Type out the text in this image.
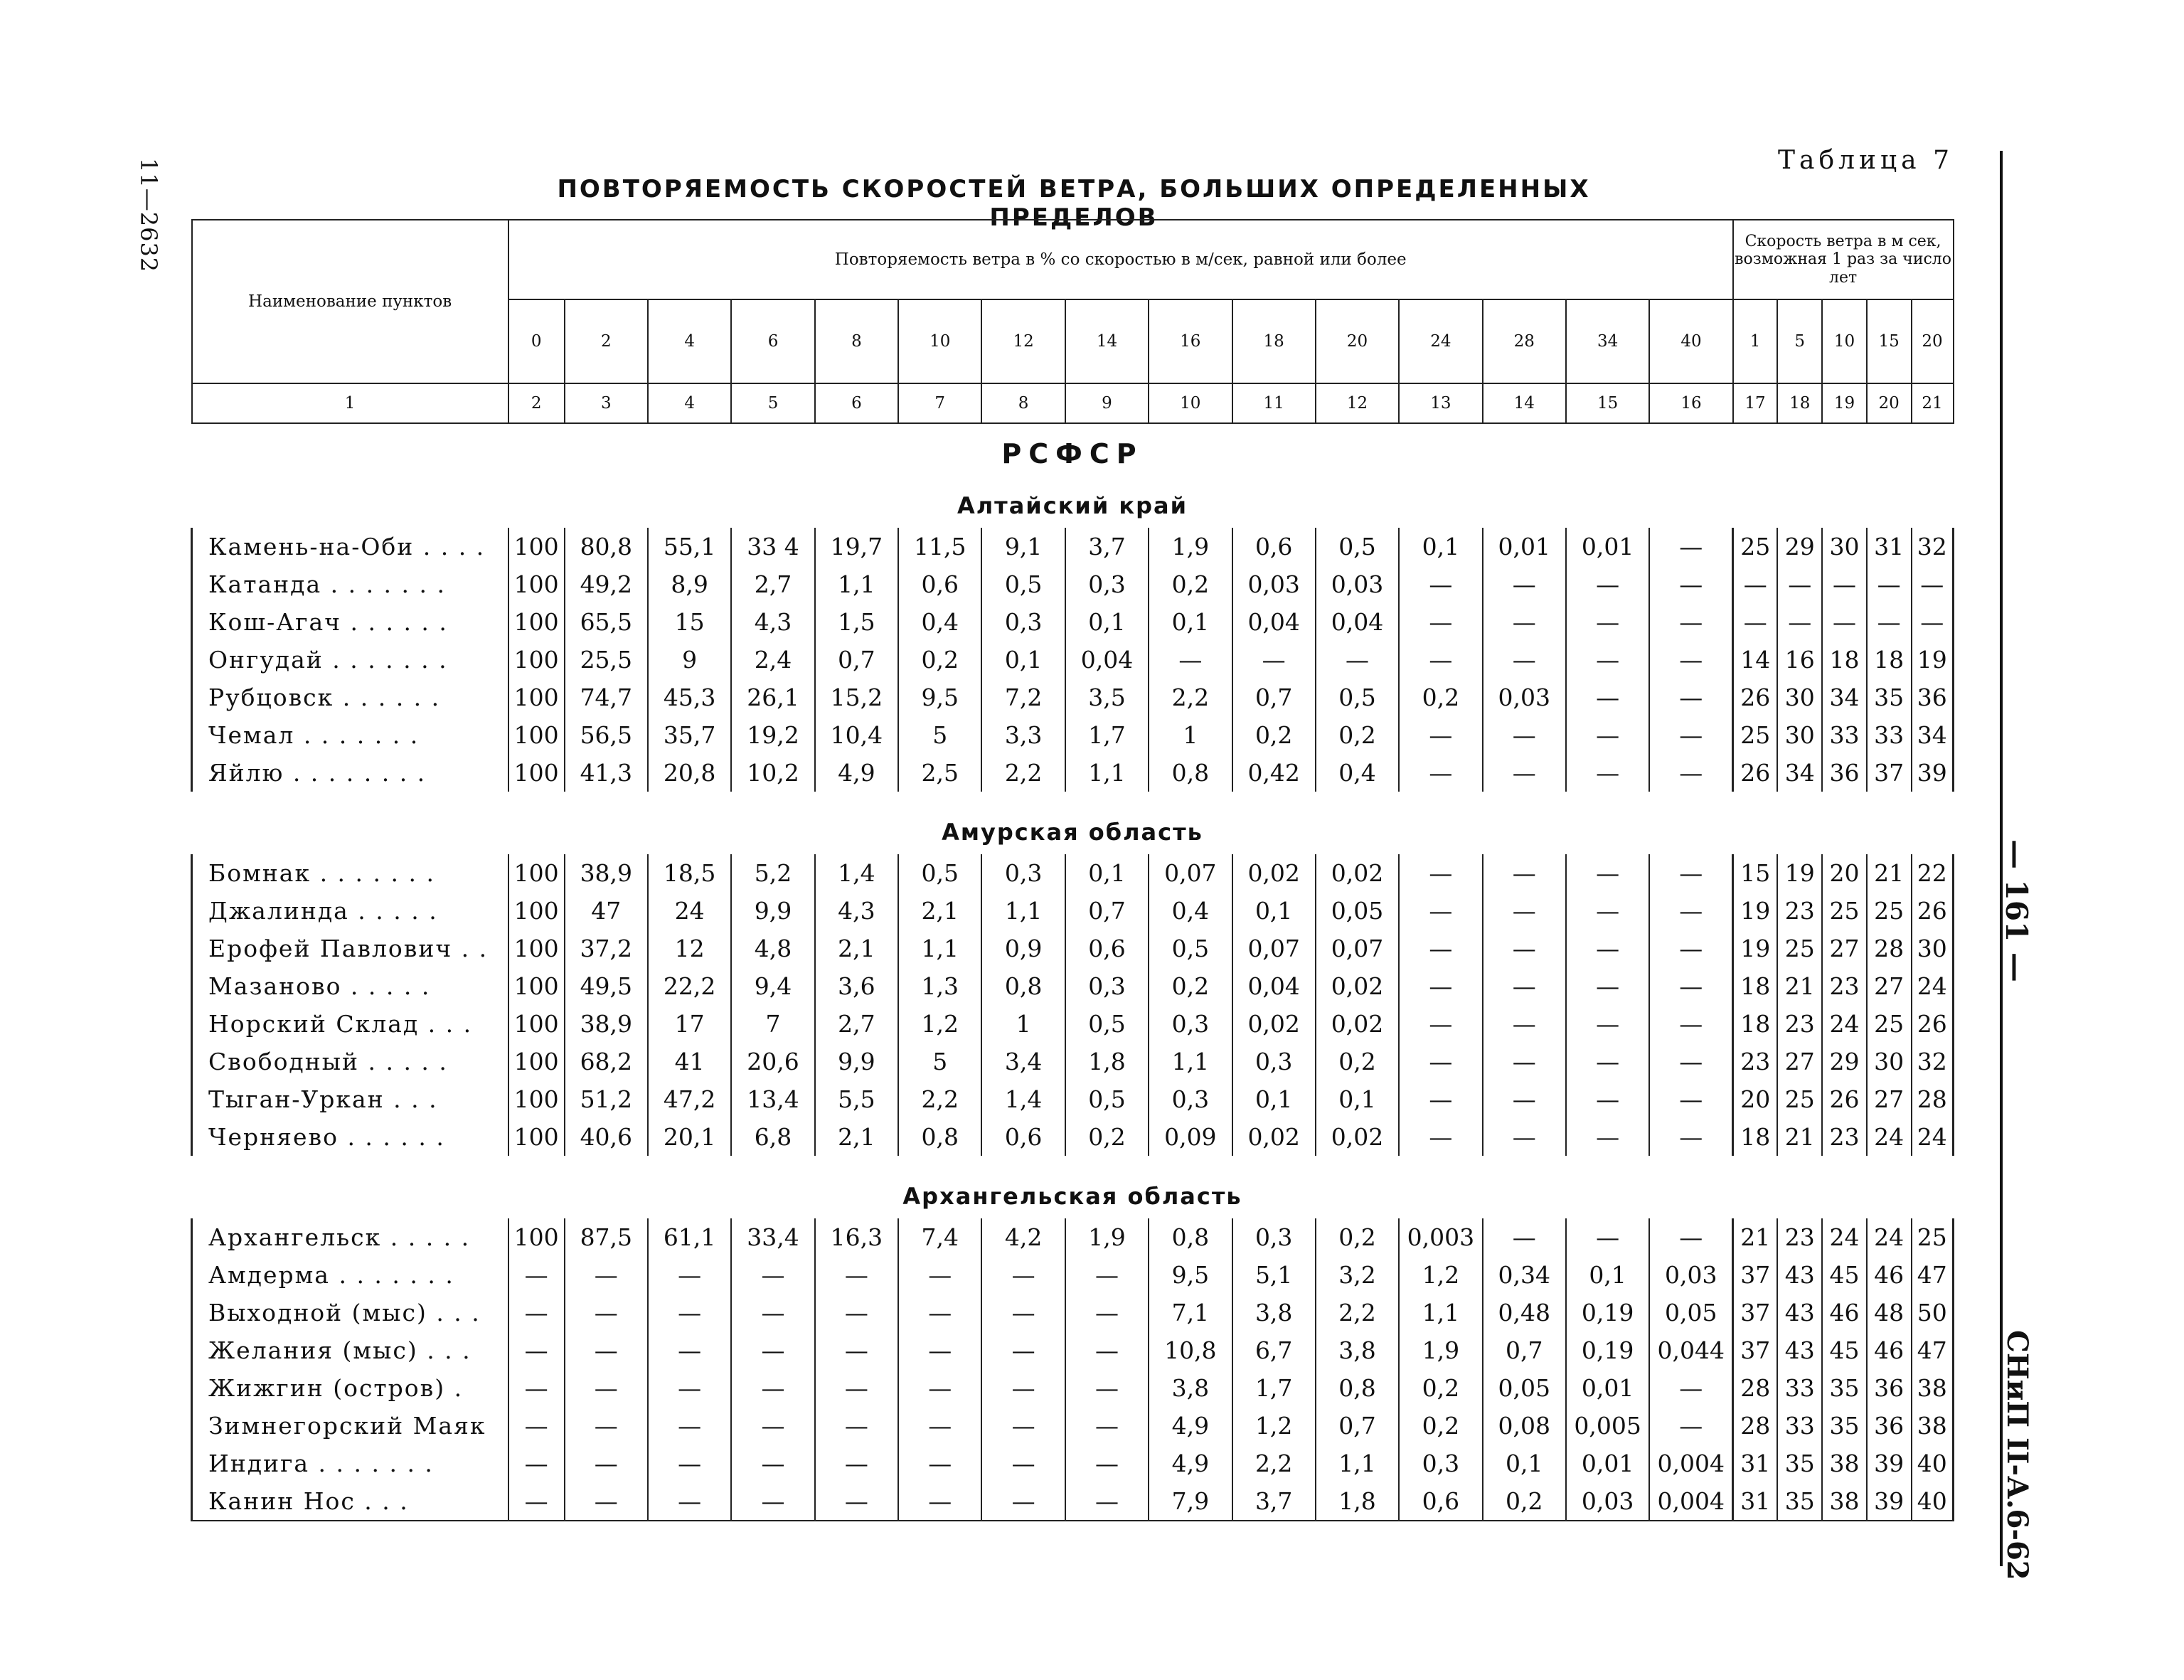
11—2632	Таблица 7
ПОВТОРЯЕМОСТЬ СКОРОСТЕЙ ВЕТРА, БОЛЬШИХ ОПРЕДЕЛЕННЫХ ПРЕДЕЛОВ
— 161 —
СНиП II-А.6-62
Наименование пунктов	Повторяемость ветра в % со скоростью в м/сек, равной или более															Скорость ветра в м сек, возможная 1 раз за число лет				
	0	2	4	6	8	10	12	14	16	18	20	24	28	34	40	1	5	10	15	20
1	2	3	4	5	6	7	8	9	10	11	12	13	14	15	16	17	18	19	20	21
РСФСР																				
Алтайский край																				
Камень-на-Оби . . . .	100	80,8	55,1	33 4	19,7	11,5	9,1	3,7	1,9	0,6	0,5	0,1	0,01	0,01	—	25	29	30	31	32
Катанда . . . . . . .	100	49,2	8,9	2,7	1,1	0,6	0,5	0,3	0,2	0,03	0,03	—	—	—	—	—	—	—	—	—
Кош-Агач . . . . . .	100	65,5	15	4,3	1,5	0,4	0,3	0,1	0,1	0,04	0,04	—	—	—	—	—	—	—	—	—
Онгудай . . . . . . .	100	25,5	9	2,4	0,7	0,2	0,1	0,04	—	—	—	—	—	—	—	14	16	18	18	19
Рубцовск . . . . . .	100	74,7	45,3	26,1	15,2	9,5	7,2	3,5	2,2	0,7	0,5	0,2	0,03	—	—	26	30	34	35	36
Чемал . . . . . . .	100	56,5	35,7	19,2	10,4	5	3,3	1,7	1	0,2	0,2	—	—	—	—	25	30	33	33	34
Яйлю . . . . . . . .	100	41,3	20,8	10,2	4,9	2,5	2,2	1,1	0,8	0,42	0,4	—	—	—	—	26	34	36	37	39

Амурская область																				
Бомнак . . . . . . .	100	38,9	18,5	5,2	1,4	0,5	0,3	0,1	0,07	0,02	0,02	—	—	—	—	15	19	20	21	22
Джалинда . . . . .	100	47	24	9,9	4,3	2,1	1,1	0,7	0,4	0,1	0,05	—	—	—	—	19	23	25	25	26
Ерофей Павлович . .	100	37,2	12	4,8	2,1	1,1	0,9	0,6	0,5	0,07	0,07	—	—	—	—	19	25	27	28	30
Мазаново . . . . .	100	49,5	22,2	9,4	3,6	1,3	0,8	0,3	0,2	0,04	0,02	—	—	—	—	18	21	23	27	24
Норский Склад . . .	100	38,9	17	7	2,7	1,2	1	0,5	0,3	0,02	0,02	—	—	—	—	18	23	24	25	26
Свободный . . . . .	100	68,2	41	20,6	9,9	5	3,4	1,8	1,1	0,3	0,2	—	—	—	—	23	27	29	30	32
Тыган-Уркан . . .	100	51,2	47,2	13,4	5,5	2,2	1,4	0,5	0,3	0,1	0,1	—	—	—	—	20	25	26	27	28
Черняево . . . . . .	100	40,6	20,1	6,8	2,1	0,8	0,6	0,2	0,09	0,02	0,02	—	—	—	—	18	21	23	24	24

Архангельская область																				
Архангельск . . . . .	100	87,5	61,1	33,4	16,3	7,4	4,2	1,9	0,8	0,3	0,2	0,003	—	—	—	21	23	24	24	25
Амдерма . . . . . . .	—	—	—	—	—	—	—	—	9,5	5,1	3,2	1,2	0,34	0,1	0,03	37	43	45	46	47
Выходной (мыс) . . .	—	—	—	—	—	—	—	—	7,1	3,8	2,2	1,1	0,48	0,19	0,05	37	43	46	48	50
Желания (мыс) . . .	—	—	—	—	—	—	—	—	10,8	6,7	3,8	1,9	0,7	0,19	0,044	37	43	45	46	47
Жижгин (остров) .	—	—	—	—	—	—	—	—	3,8	1,7	0,8	0,2	0,05	0,01	—	28	33	35	36	38
Зимнегорский Маяк	—	—	—	—	—	—	—	—	4,9	1,2	0,7	0,2	0,08	0,005	—	28	33	35	36	38
Индига . . . . . . .	—	—	—	—	—	—	—	—	4,9	2,2	1,1	0,3	0,1	0,01	0,004	31	35	38	39	40
Канин Нос . . .	—	—	—	—	—	—	—	—	7,9	3,7	1,8	0,6	0,2	0,03	0,004	31	35	38	39	40
